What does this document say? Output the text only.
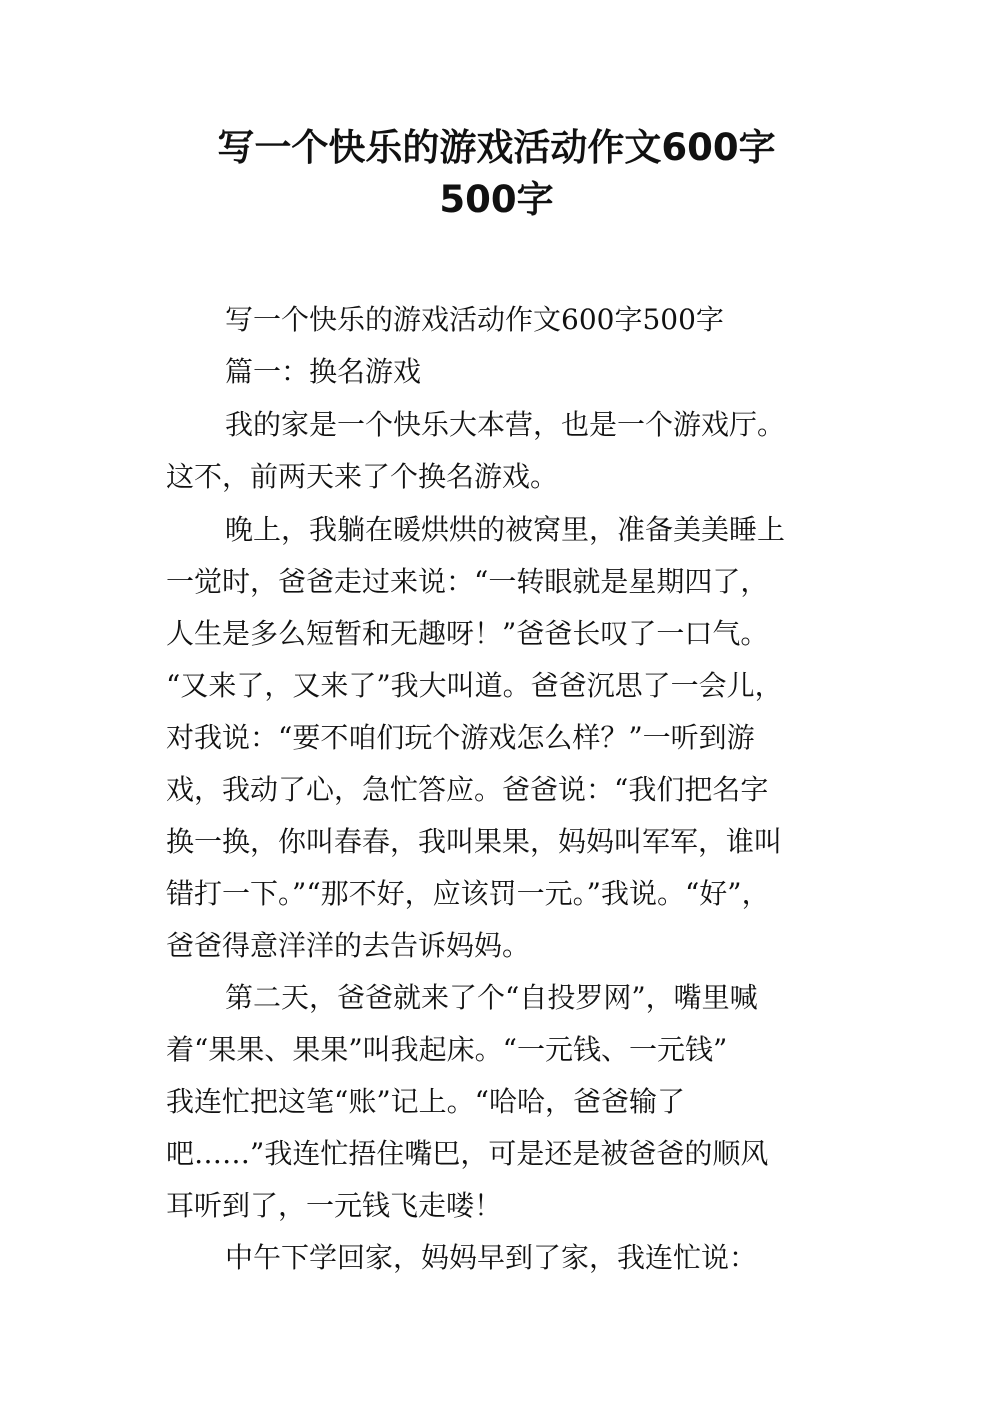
写一个快乐的游戏活动作文600字
500字
写一个快乐的游戏活动作文600字500字
篇一：换名游戏
我的家是一个快乐大本营，也是一个游戏厅。
这不，前两天来了个换名游戏。
晚上，我躺在暖烘烘的被窝里，准备美美睡上
一觉时，爸爸走过来说：“一转眼就是星期四了，
人生是多么短暂和无趣呀！”爸爸长叹了一口气。
“又来了，又来了”我大叫道。爸爸沉思了一会儿，
对我说：“要不咱们玩个游戏怎么样？”一听到游
戏，我动了心，急忙答应。爸爸说：“我们把名字
换一换，你叫春春，我叫果果，妈妈叫军军，谁叫
错打一下。”“那不好，应该罚一元。”我说。“好”，
爸爸得意洋洋的去告诉妈妈。
第二天，爸爸就来了个“自投罗网”，嘴里喊
着“果果、果果”叫我起床。“一元钱、一元钱”
我连忙把这笔“账”记上。“哈哈，爸爸输了
吧……”我连忙捂住嘴巴，可是还是被爸爸的顺风
耳听到了，一元钱飞走喽！
中午下学回家，妈妈早到了家，我连忙说：
